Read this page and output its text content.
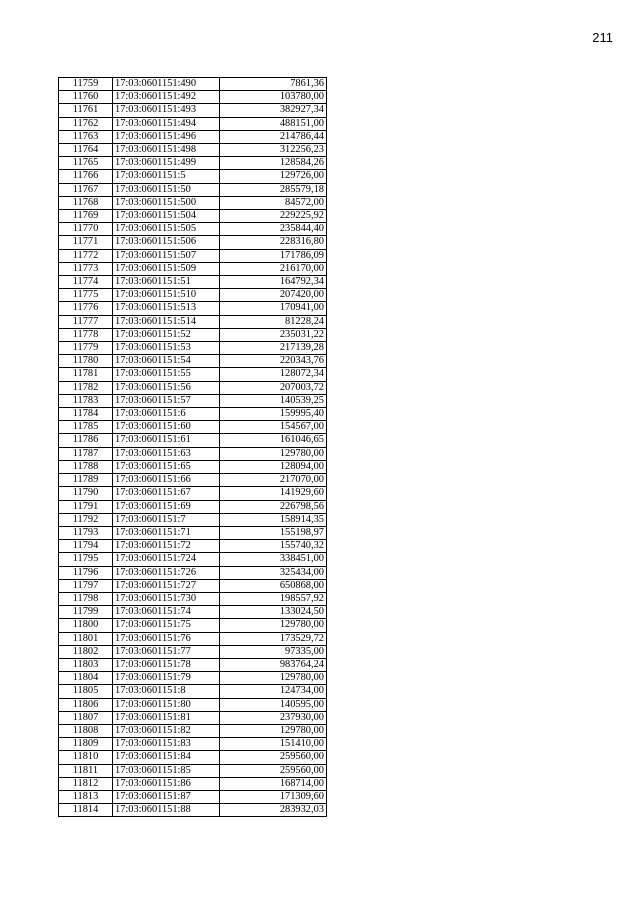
211
11759	17:03:0601151:490	7861,36
11760	17:03:0601151:492	103780,00
11761	17:03:0601151:493	382927,34
11762	17:03:0601151:494	488151,00
11763	17:03:0601151:496	214786,44
11764	17:03:0601151:498	312256,23
11765	17:03:0601151:499	128584,26
11766	17:03:0601151:5	129726,00
11767	17:03:0601151:50	285579,18
11768	17:03:0601151:500	84572,00
11769	17:03:0601151:504	229225,92
11770	17:03:0601151:505	235844,40
11771	17:03:0601151:506	228316,80
11772	17:03:0601151:507	171786,09
11773	17:03:0601151:509	216170,00
11774	17:03:0601151:51	164792,34
11775	17:03:0601151:510	207420,00
11776	17:03:0601151:513	170941,00
11777	17:03:0601151:514	81228,24
11778	17:03:0601151:52	235031,22
11779	17:03:0601151:53	217139,28
11780	17:03:0601151:54	220343,76
11781	17:03:0601151:55	128072,34
11782	17:03:0601151:56	207003,72
11783	17:03:0601151:57	140539,25
11784	17:03:0601151:6	159995,40
11785	17:03:0601151:60	154567,00
11786	17:03:0601151:61	161046,65
11787	17:03:0601151:63	129780,00
11788	17:03:0601151:65	128094,00
11789	17:03:0601151:66	217070,00
11790	17:03:0601151:67	141929,60
11791	17:03:0601151:69	226798,56
11792	17:03:0601151:7	158914,35
11793	17:03:0601151:71	155198,97
11794	17:03:0601151:72	155740,32
11795	17:03:0601151:724	338451,00
11796	17:03:0601151:726	325434,00
11797	17:03:0601151:727	650868,00
11798	17:03:0601151:730	198557,92
11799	17:03:0601151:74	133024,50
11800	17:03:0601151:75	129780,00
11801	17:03:0601151:76	173529,72
11802	17:03:0601151:77	97335,00
11803	17:03:0601151:78	983764,24
11804	17:03:0601151:79	129780,00
11805	17:03:0601151:8	124734,00
11806	17:03:0601151:80	140595,00
11807	17:03:0601151:81	237930,00
11808	17:03:0601151:82	129780,00
11809	17:03:0601151:83	151410,00
11810	17:03:0601151:84	259560,00
11811	17:03:0601151:85	259560,00
11812	17:03:0601151:86	168714,00
11813	17:03:0601151:87	171309,60
11814	17:03:0601151:88	283932,03
